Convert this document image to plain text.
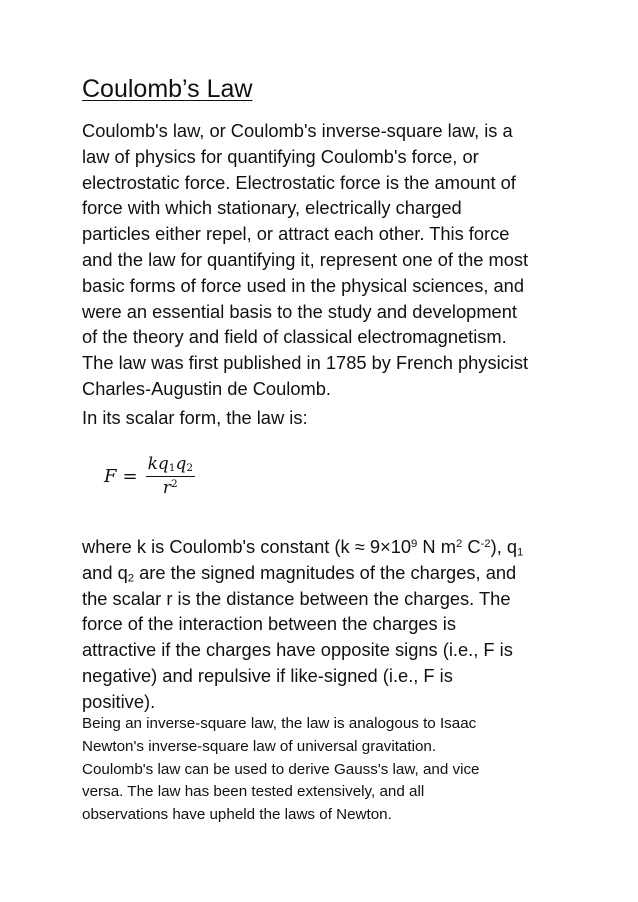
Coulomb’s Law
Coulomb's law, or Coulomb's inverse-square law, is a
law of physics for quantifying Coulomb's force, or
electrostatic force. Electrostatic force is the amount of
force with which stationary, electrically charged
particles either repel, or attract each other. This force
and the law for quantifying it, represent one of the most
basic forms of force used in the physical sciences, and
were an essential basis to the study and development
of the theory and field of classical electromagnetism.
The law was first published in 1785 by French physicist
Charles-Augustin de Coulomb.
In its scalar form, the law is:
$F = \frac{kq_1q_2}{r^2}$
where k is Coulomb's constant ($k \approx 9\times 10^9$ N $m^2$ $C^{-2}$), $q_1$
and $q_2$ are the signed magnitudes of the charges, and
the scalar r is the distance between the charges. The
force of the interaction between the charges is
attractive if the charges have opposite signs (i.e., F is
negative) and repulsive if like-signed (i.e., F is
positive).
Being an inverse-square law, the law is analogous to Isaac
Newton's inverse-square law of universal gravitation.
Coulomb's law can be used to derive Gauss's law, and vice
versa. The law has been tested extensively, and all
observations have upheld the laws of Newton.
